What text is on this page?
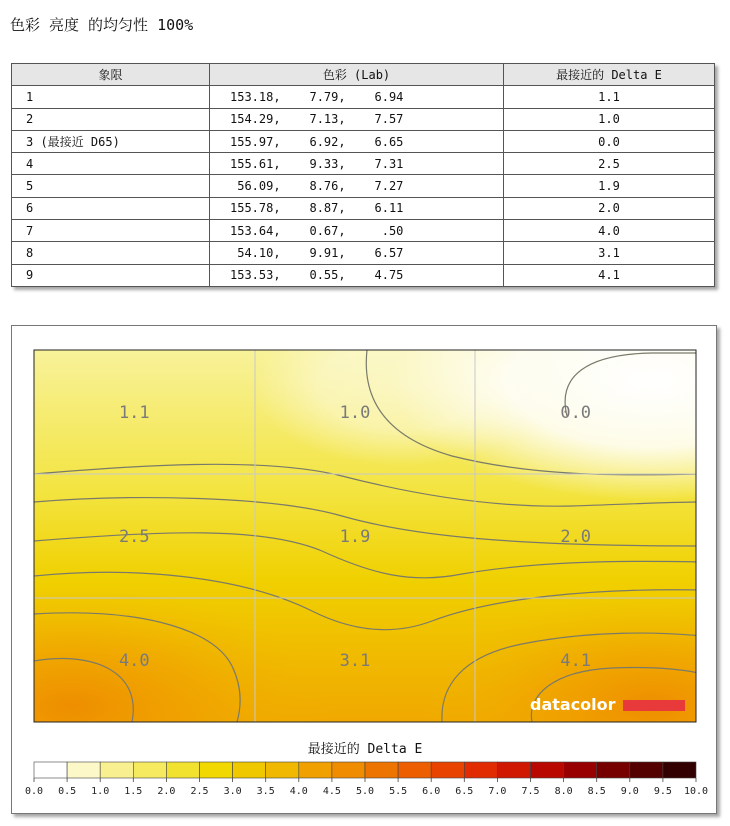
色彩 亮度 的均匀性 100%
象限	色彩 (Lab)	最接近的 Delta E
1	153.18,    7.79,    6.94	1.1
2	154.29,    7.13,    7.57	1.0
3 (最接近 D65)	155.97,    6.92,    6.65	0.0
4	155.61,    9.33,    7.31	2.5
5	56.09,    8.76,    7.27	1.9
6	155.78,    8.87,    6.11	2.0
7	153.64,    0.67,     .50	4.0
8	54.10,    9.91,    6.57	3.1
9	153.53,    0.55,    4.75	4.1
1.1	1.0	0.0
2.5	1.9	2.0
4.0	3.1	4.1
datacolor
最接近的 Delta E
0.0 0.5 1.0 1.5 2.0 2.5 3.0 3.5 4.0 4.5 5.0 5.5 6.0 6.5 7.0 7.5 8.0 8.5 9.0 9.5 10.0
